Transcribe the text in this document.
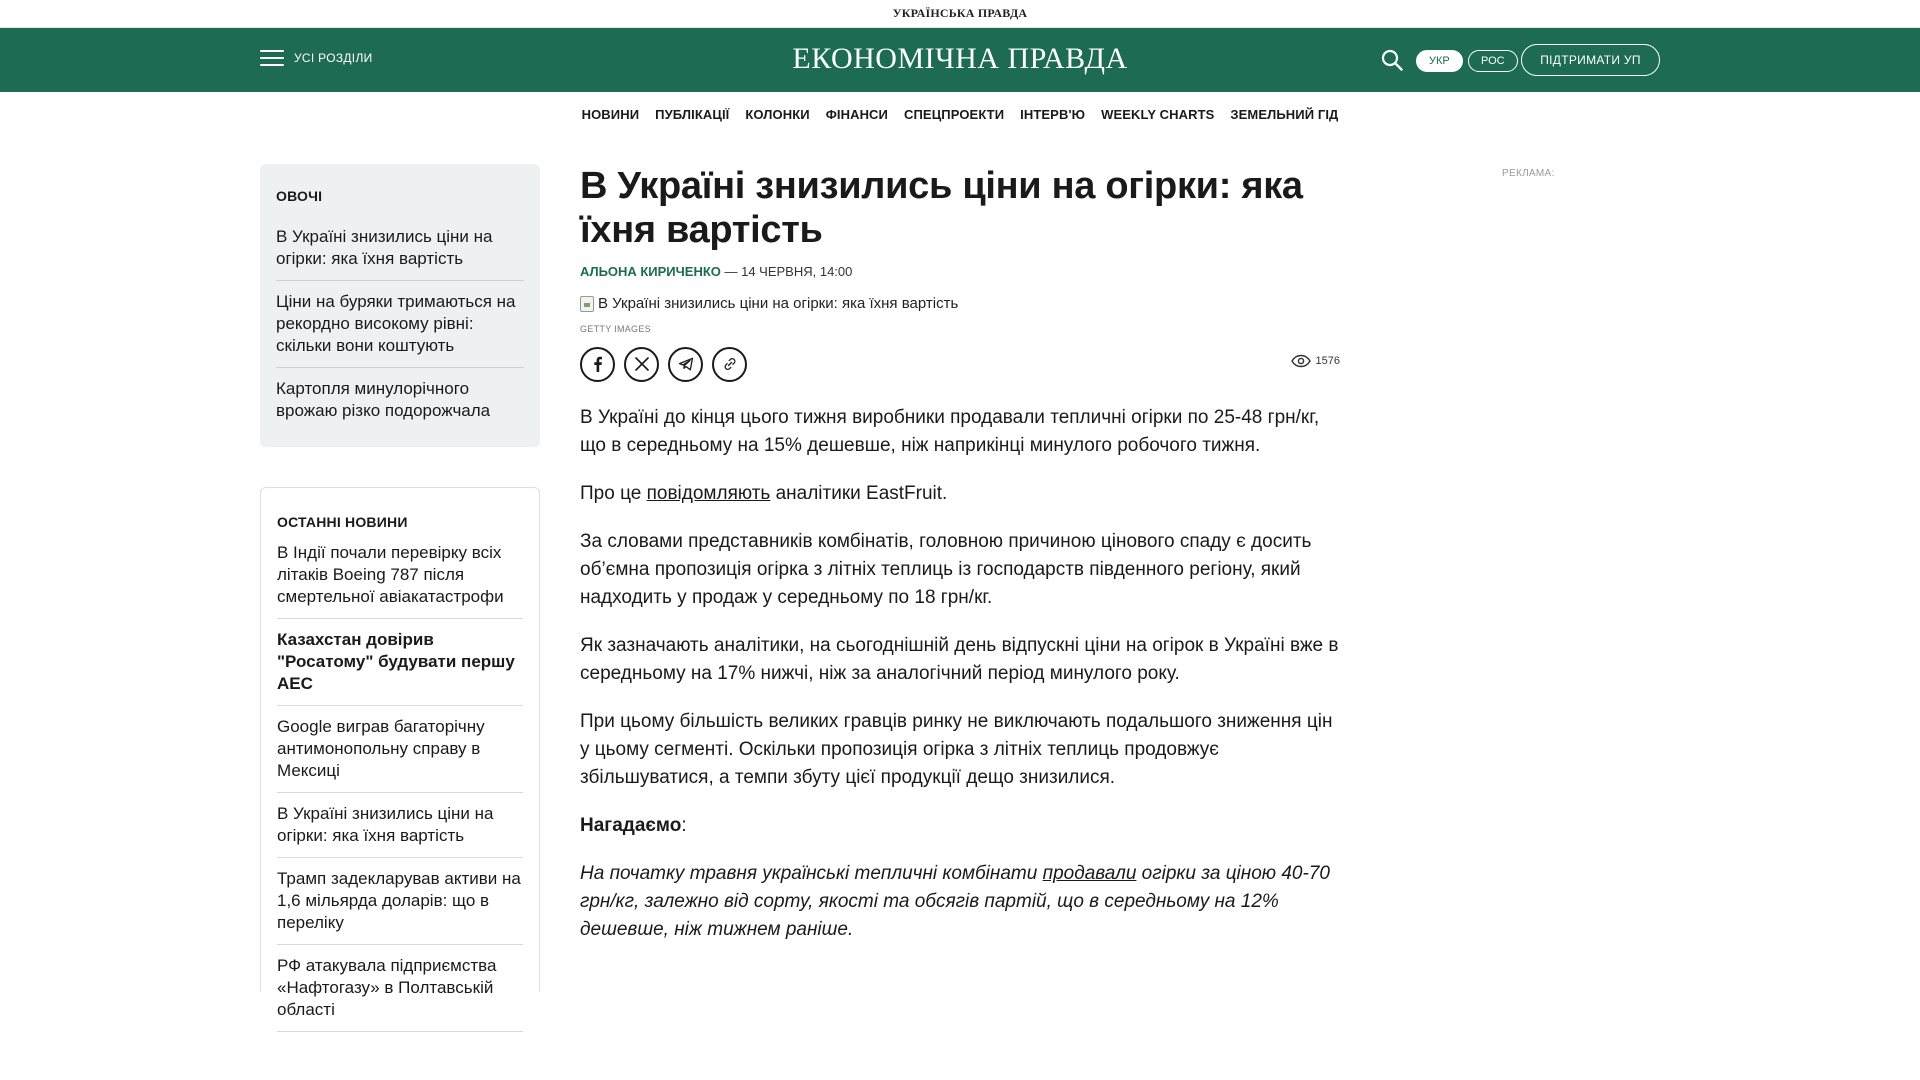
УКРАЇНСЬКА ПРАВДА
УСІ РОЗДІЛИ	ЕКОНОМІЧНА ПРАВДА	УКР	РОС	ПІДТРИМАТИ УП
НОВИНИ ПУБЛІКАЦІЇ КОЛОНКИ ФІНАНСИ СПЕЦПРОЕКТИ ІНТЕРВ'Ю WEEKLY CHARTS ЗЕМЕЛЬНИЙ ГІД
ОВОЧІ
В Україні знизились ціни на огірки: яка їхня вартість
Ціни на буряки тримаються на рекордно високому рівні: скільки вони коштують
Картопля минулорічного врожаю різко подорожчала
ОСТАННІ НОВИНИ
В Індії почали перевірку всіх літаків Boeing 787 після смертельної авіакатастрофи
Казахстан довірив "Росатому" будувати першу АЕС
Google виграв багаторічну антимонопольну справу в Мексиці
В Україні знизились ціни на огірки: яка їхня вартість
Трамп задекларував активи на 1,6 мільярда доларів: що в переліку
РФ атакувала підприємства «Нафтогазу» в Полтавській області
В Україні знизились ціни на огірки: яка їхня вартість
АЛЬОНА КИРИЧЕНКО — 14 ЧЕРВНЯ, 14:00
В Україні знизились ціни на огірки: яка їхня вартість
GETTY IMAGES
1576

В Україні до кінця цього тижня виробники продавали тепличні огірки по 25-48 грн/кг, що в середньому на 15% дешевше, ніж наприкінці минулого робочого тижня.

Про це повідомляють аналітики EastFruit.

За словами представників комбінатів, головною причиною цінового спаду є досить об’ємна пропозиція огірка з літніх теплиць із господарств південного регіону, який надходить у продаж у середньому по 18 грн/кг.

Як зазначають аналітики, на сьогоднішній день відпускні ціни на огірок в Україні вже в середньому на 17% нижчі, ніж за аналогічний період минулого року.

При цьому більшість великих гравців ринку не виключають подальшого зниження цін у цьому сегменті. Оскільки пропозиція огірка з літніх теплиць продовжує збільшуватися, а темпи збуту цієї продукції дещо знизилися.

Нагадаємо:

На початку травня українські тепличні комбінати продавали огірки за ціною 40-70 грн/кг, залежно від сорту, якості та обсягів партій, що в середньому на 12% дешевше, ніж тижнем раніше.

РЕКЛАМА:
